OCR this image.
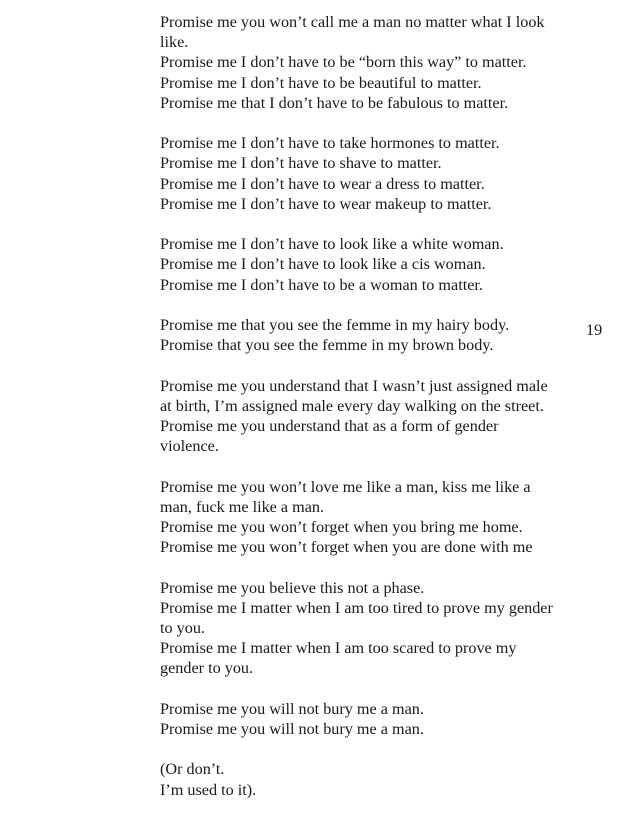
Promise me you won’t call me a man no matter what I look like.
Promise me I don’t have to be “born this way” to matter.
Promise me I don’t have to be beautiful to matter.
Promise me that I don’t have to be fabulous to matter.
Promise me I don’t have to take hormones to matter.
Promise me I don’t have to shave to matter.
Promise me I don’t have to wear a dress to matter.
Promise me I don’t have to wear makeup to matter.
Promise me I don’t have to look like a white woman.
Promise me I don’t have to look like a cis woman.
Promise me I don’t have to be a woman to matter.
Promise me that you see the femme in my hairy body.
Promise that you see the femme in my brown body.
Promise me you understand that I wasn’t just assigned male at birth, I’m assigned male every day walking on the street. Promise me you understand that as a form of gender violence.
Promise me you won’t love me like a man, kiss me like a man, fuck me like a man.
Promise me you won’t forget when you bring me home.
Promise me you won’t forget when you are done with me
Promise me you believe this not a phase.
Promise me I matter when I am too tired to prove my gender to you.
Promise me I matter when I am too scared to prove my gender to you.
Promise me you will not bury me a man.
Promise me you will not bury me a man.
(Or don’t.
I’m used to it).
19
